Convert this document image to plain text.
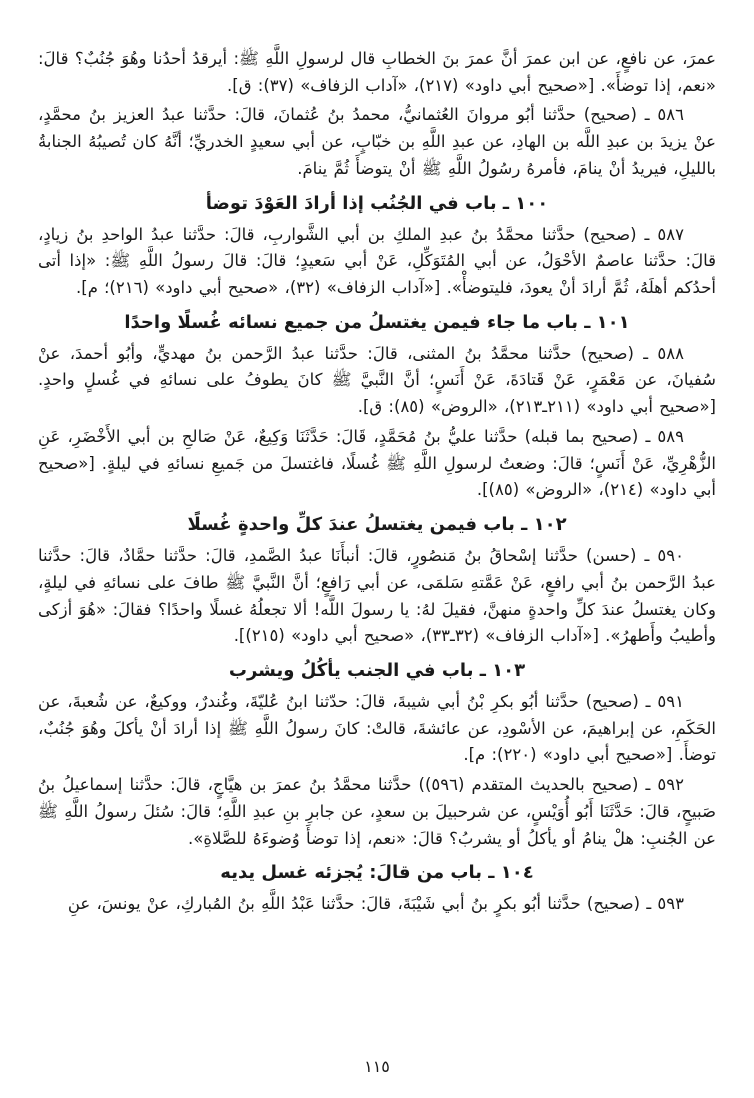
عمرَ، عن نافعٍ، عن ابن عمرَ أنَّ عمرَ بنَ الخطابِ قال لرسولِ اللَّهِ ﷺ: أيرقدُ أحدُنا وهُوَ جُنُبٌ؟ قالَ: «نعم، إذا توضأَ». [«صحيح أبي داود» (٢١٧)، «آداب الزفاف» (٣٧): ق].
٥٨٦ ـ (صحيح) حدَّثنا أبُو مروانَ العُثمانيُّ، محمدُ بنُ عُثمانَ، قالَ: حدَّثنا عبدُ العزيز بنُ محمَّدٍ، عنْ يزيدَ بن عبدِ اللَّه بن الهادِ، عن عبدِ اللَّهِ بن خبّابٍ، عن أبي سعيدٍ الخدريِّ؛ أنَّهُ كان تُصيبُهُ الجنابةُ بالليلِ، فيريدُ أنْ ينامَ، فأمرهُ رسُولُ اللَّهِ ﷺ أنْ يتوضأَ ثُمَّ ينامَ.
١٠٠ ـ باب في الجُنُب إذا أرادَ العَوْدَ توضأ
٥٨٧ ـ (صحيح) حدَّثنا محمَّدُ بنُ عبدِ الملكِ بن أبي الشَّواربِ، قالَ: حدَّثنا عبدُ الواحدِ بنُ زيادٍ، قالَ: حدَّثنا عاصمٌ الأحْوَلُ، عن أبي المُتَوَكِّلِ، عَنْ أبي سَعيدٍ؛ قالَ: قالَ رسولُ اللَّهِ ﷺ: «إذا أتى أحدُكم أهلَهُ، ثُمَّ أرادَ أنْ يعودَ، فليتوضأْ». [«آداب الزفاف» (٣٢)، «صحيح أبي داود» (٢١٦)؛ م].
١٠١ ـ باب ما جاء فيمن يغتسلُ من جميع نسائه غُسلًا واحدًا
٥٨٨ ـ (صحيح) حدَّثنا محمَّدُ بنُ المثنى، قالَ: حدَّثنا عبدُ الرَّحمن بنُ مهديٍّ، وأبُو أحمدَ، عنْ سُفيانَ، عن مَعْمَرٍ، عَنْ قَتادَةَ، عَنْ أَنَسٍ؛ أنَّ النَّبيَّ ﷺ كانَ يطوفُ على نسائهِ في غُسلٍ واحدٍ. [«صحيح أبي داود» (٢١١ـ٢١٣)، «الروض» (٨٥): ق].
٥٨٩ ـ (صحيح بما قبله) حدَّثنا عليُّ بنُ مُحَمَّدٍ، قَالَ: حَدَّثَنَا وَكِيعٌ، عَنْ صَالحِ بن أبي الأَخْضَرِ، عَنِ الزُّهْرِيِّ، عَنْ أَنَسٍ؛ قالَ: وضعتُ لرسولِ اللَّهِ ﷺ غُسلًا، فاغتسلَ من جَميعِ نسائهِ في ليلةٍ. [«صحيح أبي داود» (٢١٤)، «الروض» (٨٥)].
١٠٢ ـ باب فيمن يغتسلُ عندَ كلِّ واحدةٍ غُسلًا
٥٩٠ ـ (حسن) حدَّثنا إسْحاقُ بنُ مَنصُورٍ، قالَ: أنبأَنَا عبدُ الصَّمدِ، قالَ: حدَّثنا حمَّادٌ، قالَ: حدَّثنا عبدُ الرَّحمن بنُ أبي رافعٍ، عَنْ عَمَّتهِ سَلمَى، عن أبي رَافعٍ؛ أنَّ النَّبيَّ ﷺ طافَ على نسائهِ في ليلةٍ، وكان يغتسلُ عندَ كلِّ واحدةٍ منهنَّ، فقيلَ لهُ: يا رسولَ اللَّه! ألا تجعلُهُ غسلًا واحدًا؟ فقالَ: «هُوَ أزكى وأطيبُ وأَطهرُ». [«آداب الزفاف» (٣٢ـ٣٣)، «صحيح أبي داود» (٢١٥)].
١٠٣ ـ باب في الجنب يأكُلُ ويشرب
٥٩١ ـ (صحيح) حدَّثنا أبُو بكرِ بْنُ أبي شيبةَ، قالَ: حدّثنا ابنُ عُليّةَ، وغُندرٌ، ووكيعٌ، عن شُعبةَ، عن الحَكَمِ، عن إبراهيمَ، عن الأسْودِ، عن عائشةَ، قالتْ: كانَ رسولُ اللَّهِ ﷺ إذا أرادَ أنْ يأكلَ وهُوَ جُنُبٌ، توضأَ. [«صحيح أبي داود» (٢٢٠): م].
٥٩٢ ـ (صحيح بالحديث المتقدم (٥٩٦)) حدَّثنا محمَّدُ بنُ عمرَ بن هيَّاجٍ، قالَ: حدَّثنا إسماعيلُ بنُ صَبيحٍ، قالَ: حَدَّثَنَا أَبُو أُوَيْسٍ، عن شرحبيلَ بن سعدٍ، عن جابرِ بنِ عبدِ اللَّهِ؛ قالَ: سُئلَ رسولُ اللَّهِ ﷺ عن الجُنبِ: هلْ ينامُ أو يأكلُ أو يشربُ؟ قالَ: «نعم، إذا توضأَ وُضوءَهُ للصَّلاةِ».
١٠٤ ـ باب من قالَ: يُجزئه غسل يديه
٥٩٣ ـ (صحيح) حدَّثنا أبُو بكرٍ بنُ أبي شَيْبَةَ، قالَ: حدَّثنا عَبْدُ اللَّهِ بنُ المُباركِ، عنْ يونسَ، عنِ
١١٥
